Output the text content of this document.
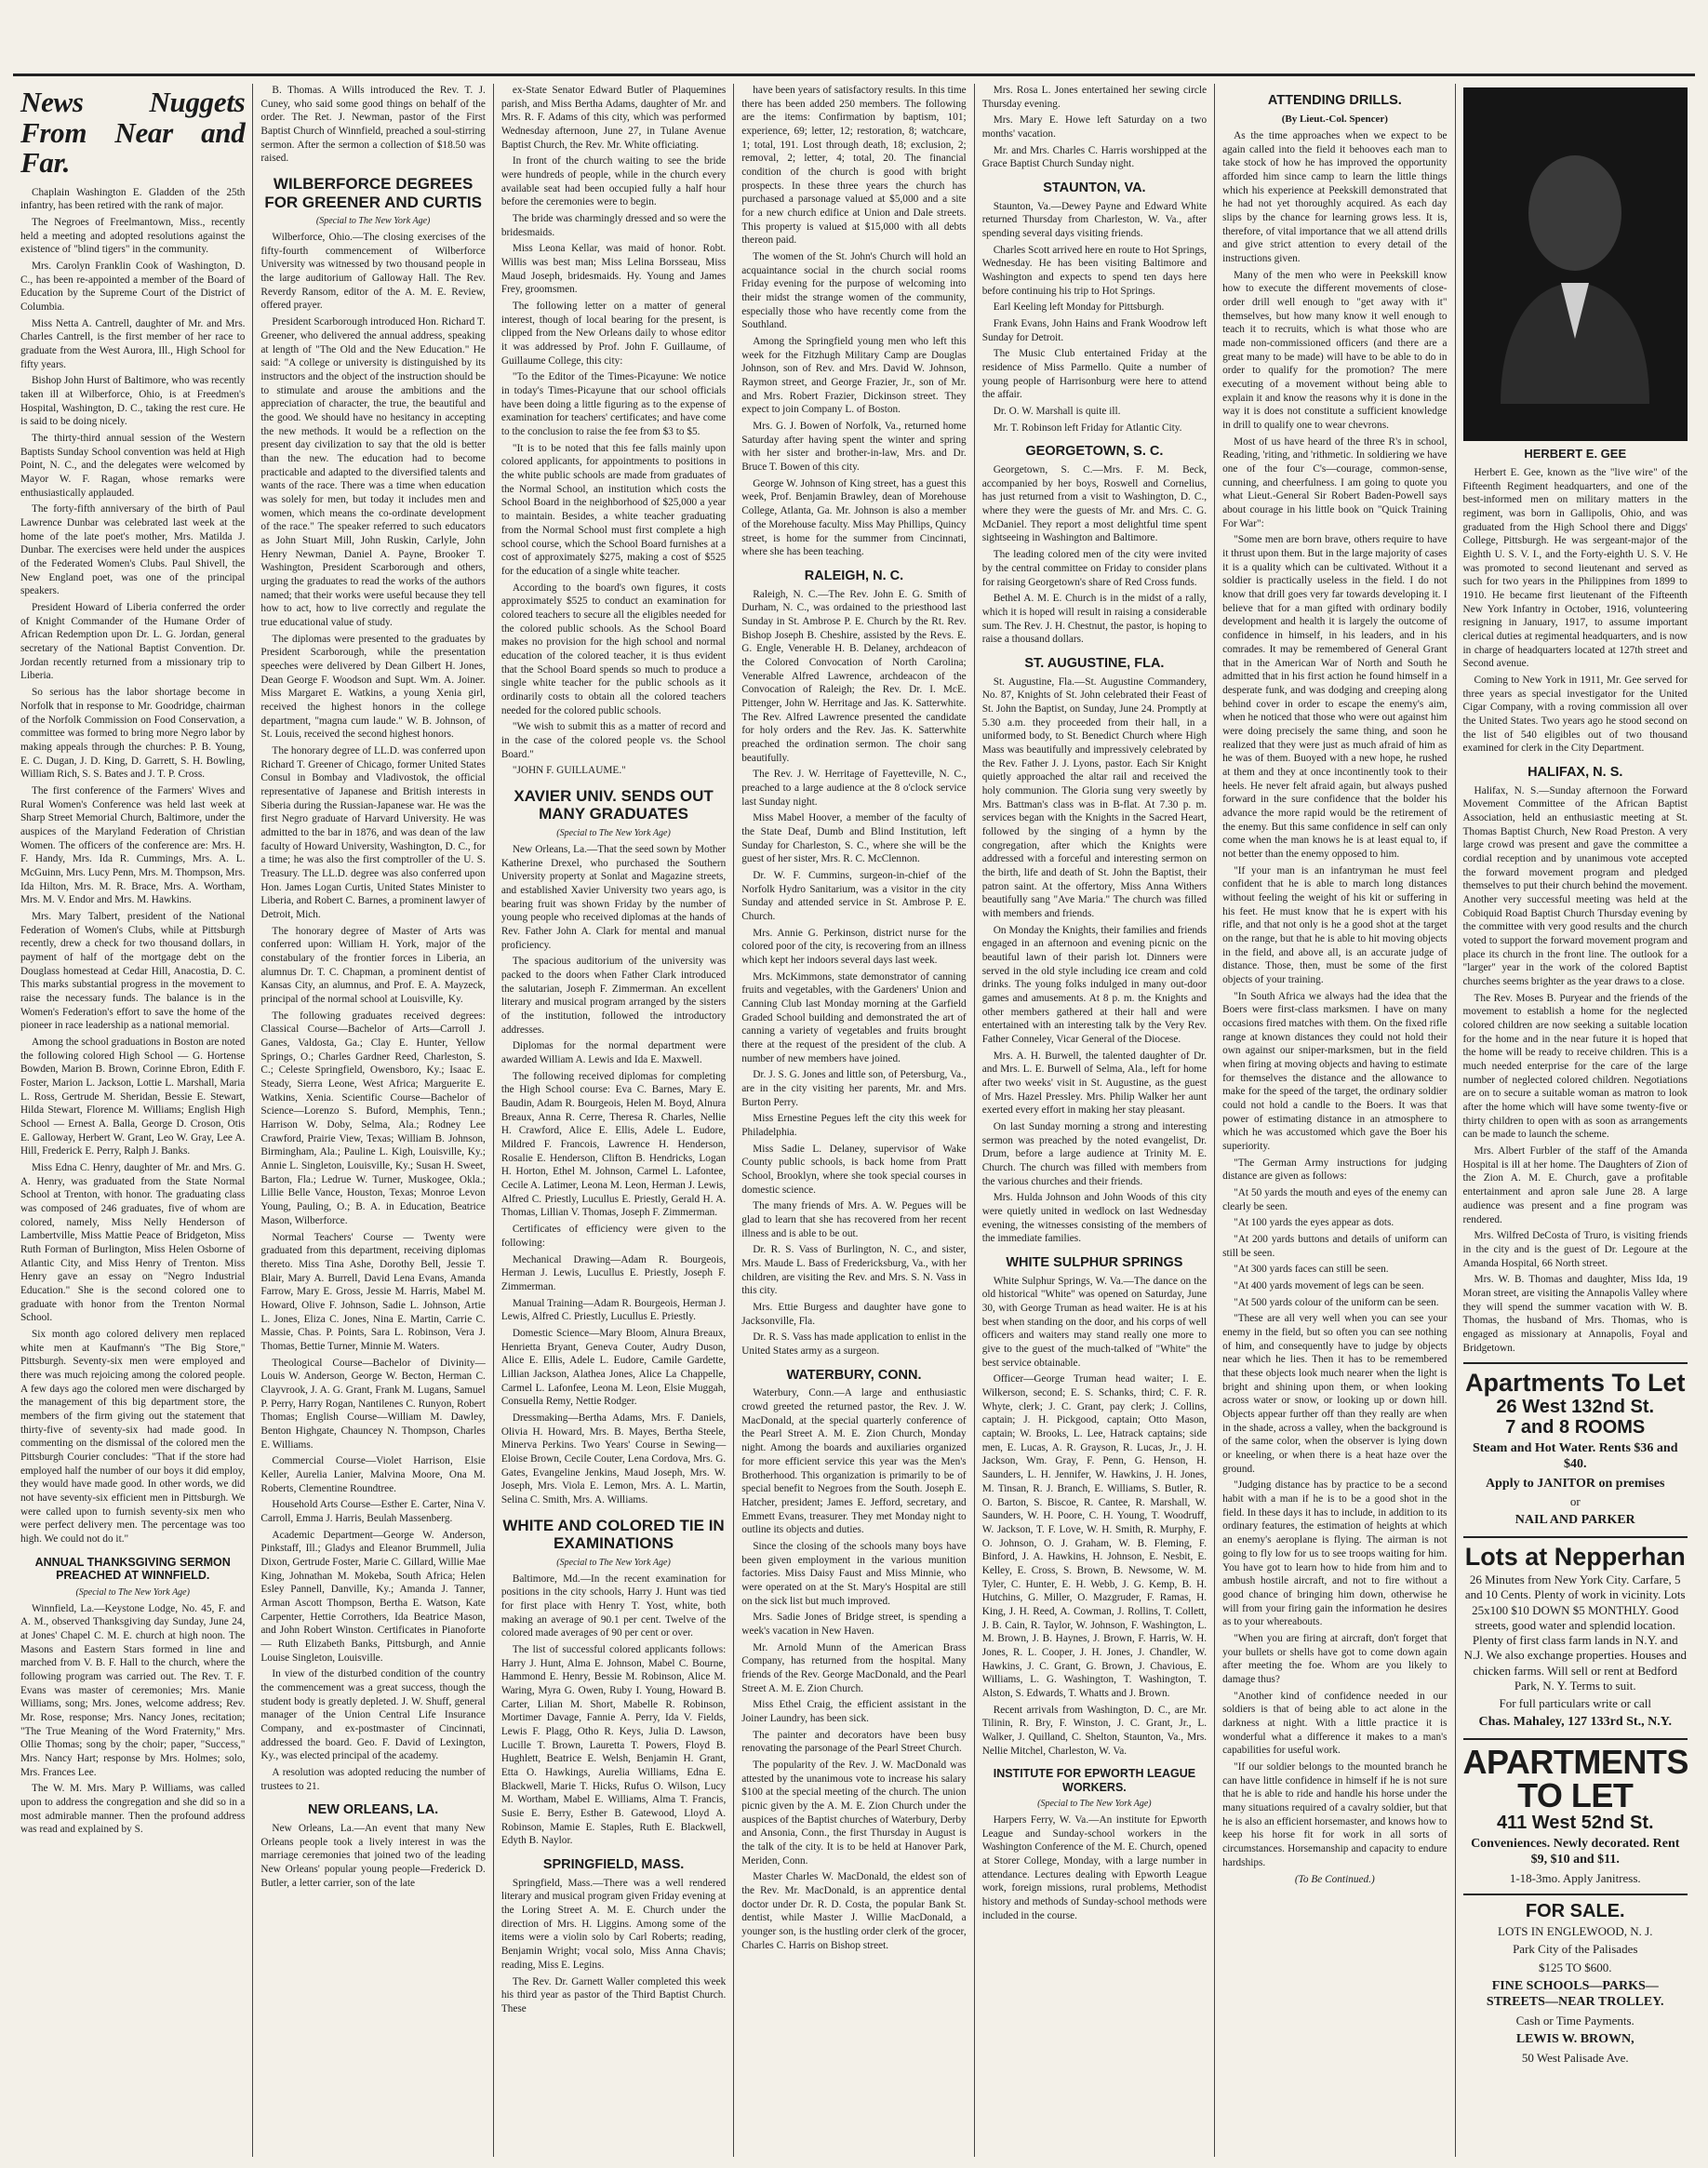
News Nuggets From Near and Far.

Chaplain Washington E. Gladden of the 25th infantry, has been retired with the rank of major.

The Negroes of Freelmantown, Miss., recently held a meeting and adopted resolutions against the existence of "blind tigers" in the community.

Mrs. Carolyn Franklin Cook of Washington, D. C., has been re-appointed a member of the Board of Education by the Supreme Court of the District of Columbia.

Miss Netta A. Cantrell, daughter of Mr. and Mrs. Charles Cantrell, is the first member of her race to graduate from the West Aurora, Ill., High School for fifty years.

Bishop John Hurst of Baltimore, who was recently taken ill at Wilberforce, Ohio, is at Freedmen's Hospital, Washington, D. C., taking the rest cure. He is said to be doing nicely.

The thirty-third annual session of the Western Baptists Sunday School convention was held at High Point, N. C., and the delegates were welcomed by Mayor W. F. Ragan, whose remarks were enthusiastically applauded.

The forty-fifth anniversary of the birth of Paul Lawrence Dunbar was celebrated last week at the home of the late poet's mother, Mrs. Matilda J. Dunbar. The exercises were held under the auspices of the Federated Women's Clubs. Paul Shivell, the New England poet, was one of the principal speakers.

President Howard of Liberia conferred the order of Knight Commander of the Humane Order of African Redemption upon Dr. L. G. Jordan, general secretary of the National Baptist Convention. Dr. Jordan recently returned from a missionary trip to Liberia.

So serious has the labor shortage become in Norfolk that in response to Mr. Goodridge, chairman of the Norfolk Commission on Food Conservation, a committee was formed to bring more Negro labor by making appeals through the churches: P. B. Young, E. C. Dugan, J. D. King, D. Garrett, S. H. Bowling, William Rich, S. S. Bates and J. T. P. Cross.

The first conference of the Farmers' Wives and Rural Women's Conference was held last week at Sharp Street Memorial Church, Baltimore, under the auspices of the Maryland Federation of Christian Women. The officers of the conference are: Mrs. H. F. Handy, Mrs. Ida R. Cummings, Mrs. A. L. McGuinn, Mrs. Lucy Penn, Mrs. M. Thompson, Mrs. Ida Hilton, Mrs. M. R. Brace, Mrs. A. Wortham, Mrs. M. V. Endor and Mrs. M. Hawkins.

Mrs. Mary Talbert, president of the National Federation of Women's Clubs, while at Pittsburgh recently, drew a check for two thousand dollars, in payment of half of the mortgage debt on the Douglass homestead at Cedar Hill, Anacostia, D. C. This marks substantial progress in the movement to raise the necessary funds. The balance is in the Women's Federation's effort to save the home of the pioneer in race leadership as a national memorial.

Among the school graduations in Boston are noted the following colored High School — G. Hortense Bowden, Marion B. Brown, Corinne Ebron, Edith F. Foster, Marion L. Jackson, Lottie L. Marshall, Maria L. Ross, Gertrude M. Sheridan, Bessie E. Stewart, Hilda Stewart, Florence M. Williams; English High School — Ernest A. Balla, George D. Croson, Otis E. Galloway, Herbert W. Grant, Leo W. Gray, Lee A. Hill, Frederick E. Perry, Ralph J. Banks.

Miss Edna C. Henry, daughter of Mr. and Mrs. G. A. Henry, was graduated from the State Normal School at Trenton, with honor. The graduating class was composed of 246 graduates, five of whom are colored, namely, Miss Nelly Henderson of Lambertville, Miss Mattie Peace of Bridgeton, Miss Ruth Forman of Burlington, Miss Helen Osborne of Atlantic City, and Miss Henry of Trenton. Miss Henry gave an essay on "Negro Industrial Education." She is the second colored one to graduate with honor from the Trenton Normal School.

Six month ago colored delivery men replaced white men at Kaufmann's "The Big Store," Pittsburgh. Seventy-six men were employed and there was much rejoicing among the colored people. A few days ago the colored men were discharged by the management of this big department store, the members of the firm giving out the statement that thirty-five of seventy-six had made good. In commenting on the dismissal of the colored men the Pittsburgh Courier concludes: "That if the store had employed half the number of our boys it did employ, they would have made good. In other words, we did not have seventy-six efficient men in Pittsburgh. We were called upon to furnish seventy-six men who were perfect delivery men. The percentage was too high. We could not do it."

ANNUAL THANKSGIVING SERMON PREACHED AT WINNFIELD.
(Special to The New York Age)

Winnfield, La.—Keystone Lodge, No. 45, F. and A. M., observed Thanksgiving day Sunday, June 24, at Jones' Chapel C. M. E. church at high noon. The Masons and Eastern Stars formed in line and marched from V. B. F. Hall to the church, where the following program was carried out. The Rev. T. F. Evans was master of ceremonies; Mrs. Manie Williams, song; Mrs. Jones, welcome address; Rev. Mr. Rose, response; Mrs. Nancy Jones, recitation; "The True Meaning of the Word Fraternity," Mrs. Ollie Thomas; song by the choir; paper, "Success," Mrs. Nancy Hart; response by Mrs. Holmes; solo, Mrs. Frances Lee.

The W. M. Mrs. Mary P. Williams, was called upon to address the congregation and she did so in a most admirable manner. Then the profound address was read and explained by S.

B. Thomas. A Wills introduced the Rev. T. J. Cuney, who said some good things on behalf of the order. The Ret. J. Newman, pastor of the First Baptist Church of Winnfield, preached a soul-stirring sermon. After the sermon a collection of $18.50 was raised.

WILBERFORCE DEGREES FOR GREENER AND CURTIS
(Special to The New York Age)

Wilberforce, Ohio.—The closing exercises of the fifty-fourth commencement of Wilberforce University was witnessed by two thousand people in the large auditorium of Galloway Hall. The Rev. Reverdy Ransom, editor of the A. M. E. Review, offered prayer.

President Scarborough introduced Hon. Richard T. Greener, who delivered the annual address, speaking at length of "The Old and the New Education." He said: "A college or university is distinguished by its instructors and the object of the instruction should be to stimulate and arouse the ambitions and the appreciation of character, the true, the beautiful and the good. We should have no hesitancy in accepting the new methods. It would be a reflection on the present day civilization to say that the old is better than the new. The education had to become practicable and adapted to the diversified talents and wants of the race. There was a time when education was solely for men, but today it includes men and women, which means the co-ordinate development of the race." The speaker referred to such educators as John Stuart Mill, John Ruskin, Carlyle, John Henry Newman, Daniel A. Payne, Brooker T. Washington, President Scarborough and others, urging the graduates to read the works of the authors named; that their works were useful because they tell how to act, how to live correctly and regulate the true educational value of study.

The diplomas were presented to the graduates by President Scarborough, while the presentation speeches were delivered by Dean Gilbert H. Jones, Dean George F. Woodson and Supt. Wm. A. Joiner. Miss Margaret E. Watkins, a young Xenia girl, received the highest honors in the college department, "magna cum laude." W. B. Johnson, of St. Louis, received the second highest honors.

The honorary degree of LL.D. was conferred upon Richard T. Greener of Chicago, former United States Consul in Bombay and Vladivostok, the official representative of Japanese and British interests in Siberia during the Russian-Japanese war. He was the first Negro graduate of Harvard University. He was admitted to the bar in 1876, and was dean of the law faculty of Howard University, Washington, D. C., for a time; he was also the first comptroller of the U. S. Treasury. The LL.D. degree was also conferred upon Hon. James Logan Curtis, United States Minister to Liberia, and Robert C. Barnes, a prominent lawyer of Detroit, Mich.

The honorary degree of Master of Arts was conferred upon: William H. York, major of the constabulary of the frontier forces in Liberia, an alumnus Dr. T. C. Chapman, a prominent dentist of Kansas City, an alumnus, and Prof. E. A. Mayzeck, principal of the normal school at Louisville, Ky.

The following graduates received degrees: Classical Course—Bachelor of Arts—Carroll J. Ganes, Valdosta, Ga.; Clay E. Hunter, Yellow Springs, O.; Charles Gardner Reed, Charleston, S. C.; Celeste Springfield, Owensboro, Ky.; Isaac E. Steady, Sierra Leone, West Africa; Marguerite E. Watkins, Xenia. Scientific Course—Bachelor of Science—Lorenzo S. Buford, Memphis, Tenn.; Harrison W. Doby, Selma, Ala.; Rodney Lee Crawford, Prairie View, Texas; William B. Johnson, Birmingham, Ala.; Pauline L. Kigh, Louisville, Ky.; Annie L. Singleton, Louisville, Ky.; Susan H. Sweet, Barton, Fla.; Ledrue W. Turner, Muskogee, Okla.; Lillie Belle Vance, Houston, Texas; Monroe Levon Young, Pauling, O.; B. A. in Education, Beatrice Mason, Wilberforce.

Normal Teachers' Course — Twenty were graduated from this department, receiving diplomas thereto. Miss Tina Ashe, Dorothy Bell, Jessie T. Blair, Mary A. Burrell, David Lena Evans, Amanda Farrow, Mary E. Gross, Jessie M. Harris, Mabel M. Howard, Olive F. Johnson, Sadie L. Johnson, Artie L. Jones, Eliza C. Jones, Nina E. Martin, Carrie C. Massie, Chas. P. Points, Sara L. Robinson, Vera J. Thomas, Bettie Turner, Minnie M. Waters.

Theological Course—Bachelor of Divinity—Louis W. Anderson, George W. Becton, Herman C. Clayvrook, J. A. G. Grant, Frank M. Lugans, Samuel P. Perry, Harry Rogan, Nantilenes C. Runyon, Robert Thomas; English Course—William M. Dawley, Benton Highgate, Chauncey N. Thompson, Charles E. Williams.

Commercial Course—Violet Harrison, Elsie Keller, Aurelia Lanier, Malvina Moore, Ona M. Roberts, Clementine Roundtree.

Household Arts Course—Esther E. Carter, Nina V. Carroll, Emma J. Harris, Beulah Massenberg.

Academic Department—George W. Anderson, Pinkstaff, Ill.; Gladys and Eleanor Brummell, Julia Dixon, Gertrude Foster, Marie C. Gillard, Willie Mae King, Johnathan M. Mokeba, South Africa; Helen Esley Pannell, Danville, Ky.; Amanda J. Tanner, Arman Ascott Thompson, Bertha E. Watson, Kate Carpenter, Hettie Corrothers, Ida Beatrice Mason, and John Robert Winston. Certificates in Pianoforte — Ruth Elizabeth Banks, Pittsburgh, and Annie Louise Singleton, Louisville.

In view of the disturbed condition of the country the commencement was a great success, though the student body is greatly depleted. J. W. Shuff, general manager of the Union Central Life Insurance Company, and ex-postmaster of Cincinnati, addressed the board. Geo. F. David of Lexington, Ky., was elected principal of the academy.

A resolution was adopted reducing the number of trustees to 21.

NEW ORLEANS, LA.

New Orleans, La.—An event that many New Orleans people took a lively interest in was the marriage ceremonies that joined two of the leading New Orleans' popular young people—Frederick D. Butler, a letter carrier, son of the late

ex-State Senator Edward Butler of Plaquemines parish, and Miss Bertha Adams, daughter of Mr. and Mrs. R. F. Adams of this city, which was performed Wednesday afternoon, June 27, in Tulane Avenue Baptist Church, the Rev. Mr. White officiating.

In front of the church waiting to see the bride were hundreds of people, while in the church every available seat had been occupied fully a half hour before the ceremonies were to begin.

The bride was charmingly dressed and so were the bridesmaids.

Miss Leona Kellar, was maid of honor. Robt. Willis was best man; Miss Lelina Borsseau, Miss Maud Joseph, bridesmaids. Hy. Young and James Frey, groomsmen.

The following letter on a matter of general interest, though of local bearing for the present, is clipped from the New Orleans daily to whose editor it was addressed by Prof. John F. Guillaume, of Guillaume College, this city:

"To the Editor of the Times-Picayune: We notice in today's Times-Picayune that our school officials have been doing a little figuring as to the expense of examination for teachers' certificates; and have come to the conclusion to raise the fee from $3 to $5.

"It is to be noted that this fee falls mainly upon colored applicants, for appointments to positions in the white public schools are made from graduates of the Normal School, an institution which costs the School Board in the neighborhood of $25,000 a year to maintain. Besides, a white teacher graduating from the Normal School must first complete a high school course, which the School Board furnishes at a cost of approximately $275, making a cost of $525 for the education of a single white teacher.

According to the board's own figures, it costs approximately $525 to conduct an examination for colored teachers to secure all the eligibles needed for the colored public schools. As the School Board makes no provision for the high school and normal education of the colored teacher, it is thus evident that the School Board spends so much to produce a single white teacher for the public schools as it ordinarily costs to obtain all the colored teachers needed for the colored public schools.

"We wish to submit this as a matter of record and in the case of the colored people vs. the School Board."

"JOHN F. GUILLAUME."

XAVIER UNIV. SENDS OUT MANY GRADUATES
(Special to The New York Age)

New Orleans, La.—That the seed sown by Mother Katherine Drexel, who purchased the Southern University property at Sonlat and Magazine streets, and established Xavier University two years ago, is bearing fruit was shown Friday by the number of young people who received diplomas at the hands of Rev. Father John A. Clark for mental and manual proficiency.

The spacious auditorium of the university was packed to the doors when Father Clark introduced the salutarian, Joseph F. Zimmerman. An excellent literary and musical program arranged by the sisters of the institution, followed the introductory addresses.

Diplomas for the normal department were awarded William A. Lewis and Ida E. Maxwell.

The following received diplomas for completing the High School course: Eva C. Barnes, Mary E. Baudin, Adam R. Bourgeois, Helen M. Boyd, Alnura Breaux, Anna R. Cerre, Theresa R. Charles, Nellie H. Crawford, Alice E. Ellis, Adele L. Eudore, Mildred F. Francois, Lawrence H. Henderson, Rosalie E. Henderson, Clifton B. Hendricks, Logan H. Horton, Ethel M. Johnson, Carmel L. Lafontee, Cecile A. Latimer, Leona M. Leon, Herman J. Lewis, Alfred C. Priestly, Lucullus E. Priestly, Gerald H. A. Thomas, Lillian V. Thomas, Joseph F. Zimmerman.

Certificates of efficiency were given to the following:

Mechanical Drawing—Adam R. Bourgeois, Herman J. Lewis, Lucullus E. Priestly, Joseph F. Zimmerman.

Manual Training—Adam R. Bourgeois, Herman J. Lewis, Alfred C. Priestly, Lucullus E. Priestly.

Domestic Science—Mary Bloom, Alnura Breaux, Henrietta Bryant, Geneva Couter, Audry Duson, Alice E. Ellis, Adele L. Eudore, Camile Gardette, Lillian Jackson, Alathea Jones, Alice La Chappelle, Carmel L. Lafonfee, Leona M. Leon, Elsie Muggah, Consuella Remy, Nettie Rodger.

Dressmaking—Bertha Adams, Mrs. F. Daniels, Olivia H. Howard, Mrs. B. Mayes, Bertha Steele, Minerva Perkins. Two Years' Course in Sewing—Eloise Brown, Cecile Couter, Lena Cordova, Mrs. G. Gates, Evangeline Jenkins, Maud Joseph, Mrs. W. Joseph, Mrs. Viola E. Lemon, Mrs. A. L. Martin, Selina C. Smith, Mrs. A. Williams.

WHITE AND COLORED TIE IN EXAMINATIONS
(Special to The New York Age)

Baltimore, Md.—In the recent examination for positions in the city schools, Harry J. Hunt was tied for first place with Henry T. Yost, white, both making an average of 90.1 per cent. Twelve of the colored made averages of 90 per cent or over.

The list of successful colored applicants follows: Harry J. Hunt, Alma E. Johnson, Mabel C. Bourne, Hammond E. Henry, Bessie M. Robinson, Alice M. Waring, Myra G. Owen, Ruby I. Young, Howard B. Carter, Lilian M. Short, Mabelle R. Robinson, Mortimer Davage, Fannie A. Perry, Ida V. Fields, Lewis F. Plagg, Otho R. Keys, Julia D. Lawson, Lucille T. Brown, Lauretta T. Powers, Floyd B. Hughlett, Beatrice E. Welsh, Benjamin H. Grant, Etta O. Hawkings, Aurelia Williams, Edna E. Blackwell, Marie T. Hicks, Rufus O. Wilson, Lucy M. Wortham, Mabel E. Williams, Alma T. Francis, Susie E. Berry, Esther B. Gatewood, Lloyd A. Robinson, Mamie E. Staples, Ruth E. Blackwell, Edyth B. Naylor.

SPRINGFIELD, MASS.

Springfield, Mass.—There was a well rendered literary and musical program given Friday evening at the Loring Street A. M. E. Church under the direction of Mrs. H. Liggins. Among some of the items were a violin solo by Carl Roberts; reading, Benjamin Wright; vocal solo, Miss Anna Chavis; reading, Miss E. Legins.

The Rev. Dr. Garnett Waller completed this week his third year as pastor of the Third Baptist Church. These

have been years of satisfactory results. In this time there has been added 250 members. The following are the items: Confirmation by baptism, 101; experience, 69; letter, 12; restoration, 8; watchcare, 1; total, 191. Lost through death, 18; exclusion, 2; removal, 2; letter, 4; total, 20. The financial condition of the church is good with bright prospects. In these three years the church has purchased a parsonage valued at $5,000 and a site for a new church edifice at Union and Dale streets. This property is valued at $15,000 with all debts thereon paid.

The women of the St. John's Church will hold an acquaintance social in the church social rooms Friday evening for the purpose of welcoming into their midst the strange women of the community, especially those who have recently come from the Southland.

Among the Springfield young men who left this week for the Fitzhugh Military Camp are Douglas Johnson, son of Rev. and Mrs. David W. Johnson, Raymon street, and George Frazier, Jr., son of Mr. and Mrs. Robert Frazier, Dickinson street. They expect to join Company L. of Boston.

Mrs. G. J. Bowen of Norfolk, Va., returned home Saturday after having spent the winter and spring with her sister and brother-in-law, Mrs. and Dr. Bruce T. Bowen of this city.

George W. Johnson of King street, has a guest this week, Prof. Benjamin Brawley, dean of Morehouse College, Atlanta, Ga. Mr. Johnson is also a member of the Morehouse faculty. Miss May Phillips, Quincy street, is home for the summer from Cincinnati, where she has been teaching.

RALEIGH, N. C.

Raleigh, N. C.—The Rev. John E. G. Smith of Durham, N. C., was ordained to the priesthood last Sunday in St. Ambrose P. E. Church by the Rt. Rev. Bishop Joseph B. Cheshire, assisted by the Revs. E. G. Engle, Venerable H. B. Delaney, archdeacon of the Colored Convocation of North Carolina; Venerable Alfred Lawrence, archdeacon of the Convocation of Raleigh; the Rev. Dr. I. McE. Pittenger, John W. Herritage and Jas. K. Satterwhite. The Rev. Alfred Lawrence presented the candidate for holy orders and the Rev. Jas. K. Satterwhite preached the ordination sermon. The choir sang beautifully.

The Rev. J. W. Herritage of Fayetteville, N. C., preached to a large audience at the 8 o'clock service last Sunday night.

Miss Mabel Hoover, a member of the faculty of the State Deaf, Dumb and Blind Institution, left Sunday for Charleston, S. C., where she will be the guest of her sister, Mrs. R. C. McClennon.

Dr. W. F. Cummins, surgeon-in-chief of the Norfolk Hydro Sanitarium, was a visitor in the city Sunday and attended service in St. Ambrose P. E. Church.

Mrs. Annie G. Perkinson, district nurse for the colored poor of the city, is recovering from an illness which kept her indoors several days last week.

Mrs. McKimmons, state demonstrator of canning fruits and vegetables, with the Gardeners' Union and Canning Club last Monday morning at the Garfield Graded School building and demonstrated the art of canning a variety of vegetables and fruits brought there at the request of the president of the club. A number of new members have joined.

Dr. J. S. G. Jones and little son, of Petersburg, Va., are in the city visiting her parents, Mr. and Mrs. Burton Perry.

Miss Ernestine Pegues left the city this week for Philadelphia.

Miss Sadie L. Delaney, supervisor of Wake County public schools, is back home from Pratt School, Brooklyn, where she took special courses in domestic science.

The many friends of Mrs. A. W. Pegues will be glad to learn that she has recovered from her recent illness and is able to be out.

Dr. R. S. Vass of Burlington, N. C., and sister, Mrs. Maude L. Bass of Fredericksburg, Va., with her children, are visiting the Rev. and Mrs. S. N. Vass in this city.

Mrs. Ettie Burgess and daughter have gone to Jacksonville, Fla.

Dr. R. S. Vass has made application to enlist in the United States army as a surgeon.

WATERBURY, CONN.

Waterbury, Conn.—A large and enthusiastic crowd greeted the returned pastor, the Rev. J. W. MacDonald, at the special quarterly conference of the Pearl Street A. M. E. Zion Church, Monday night. Among the boards and auxiliaries organized for more efficient service this year was the Men's Brotherhood. This organization is primarily to be of special benefit to Negroes from the South. Joseph E. Hatcher, president; James E. Jefford, secretary, and Emmett Evans, treasurer. They met Monday night to outline its objects and duties.

Since the closing of the schools many boys have been given employment in the various munition factories. Miss Daisy Faust and Miss Minnie, who were operated on at the St. Mary's Hospital are still on the sick list but much improved.

Mrs. Sadie Jones of Bridge street, is spending a week's vacation in New Haven.

Mr. Arnold Munn of the American Brass Company, has returned from the hospital. Many friends of the Rev. George MacDonald, and the Pearl Street A. M. E. Zion Church.

Miss Ethel Craig, the efficient assistant in the Joiner Laundry, has been sick.

The painter and decorators have been busy renovating the parsonage of the Pearl Street Church.

The popularity of the Rev. J. W. MacDonald was attested by the unanimous vote to increase his salary $100 at the special meeting of the church. The union picnic given by the A. M. E. Zion Church under the auspices of the Baptist churches of Waterbury, Derby and Ansonia, Conn., the first Thursday in August is the talk of the city. It is to be held at Hanover Park, Meriden, Conn.

Master Charles W. MacDonald, the eldest son of the Rev. Mr. MacDonald, is an apprentice dental doctor under Dr. R. D. Costa, the popular Bank St. dentist, while Master J. Willie MacDonald, a younger son, is the hustling order clerk of the grocer, Charles C. Harris on Bishop street.

Mrs. Rosa L. Jones entertained her sewing circle Thursday evening.

Mrs. Mary E. Howe left Saturday on a two months' vacation.

Mr. and Mrs. Charles C. Harris worshipped at the Grace Baptist Church Sunday night.

STAUNTON, VA.

Staunton, Va.—Dewey Payne and Edward White returned Thursday from Charleston, W. Va., after spending several days visiting friends.

Charles Scott arrived here en route to Hot Springs, Wednesday. He has been visiting Baltimore and Washington and expects to spend ten days here before continuing his trip to Hot Springs.

Earl Keeling left Monday for Pittsburgh.

Frank Evans, John Hains and Frank Woodrow left Sunday for Detroit.

The Music Club entertained Friday at the residence of Miss Parmello. Quite a number of young people of Harrisonburg were here to attend the affair.

Dr. O. W. Marshall is quite ill.

Mr. T. Robinson left Friday for Atlantic City.

GEORGETOWN, S. C.

Georgetown, S. C.—Mrs. F. M. Beck, accompanied by her boys, Roswell and Cornelius, has just returned from a visit to Washington, D. C., where they were the guests of Mr. and Mrs. C. G. McDaniel. They report a most delightful time spent sightseeing in Washington and Baltimore.

The leading colored men of the city were invited by the central committee on Friday to consider plans for raising Georgetown's share of Red Cross funds.

Bethel A. M. E. Church is in the midst of a rally, which it is hoped will result in raising a considerable sum. The Rev. J. H. Chestnut, the pastor, is hoping to raise a thousand dollars.

ST. AUGUSTINE, FLA.

St. Augustine, Fla.—St. Augustine Commandery, No. 87, Knights of St. John celebrated their Feast of St. John the Baptist, on Sunday, June 24. Promptly at 5.30 a.m. they proceeded from their hall, in a uniformed body, to St. Benedict Church where High Mass was beautifully and impressively celebrated by the Rev. Father J. J. Lyons, pastor. Each Sir Knight quietly approached the altar rail and received the holy communion. The Gloria sung very sweetly by Mrs. Battman's class was in B-flat. At 7.30 p. m. services began with the Knights in the Sacred Heart, followed by the singing of a hymn by the congregation, after which the Knights were addressed with a forceful and interesting sermon on the birth, life and death of St. John the Baptist, their patron saint. At the offertory, Miss Anna Withers beautifully sang "Ave Maria." The church was filled with members and friends.

On Monday the Knights, their families and friends engaged in an afternoon and evening picnic on the beautiful lawn of their parish lot. Dinners were served in the old style including ice cream and cold drinks. The young folks indulged in many out-door games and amusements. At 8 p. m. the Knights and other members gathered at their hall and were entertained with an interesting talk by the Very Rev. Father Conneley, Vicar General of the Diocese.

Mrs. A. H. Burwell, the talented daughter of Dr. and Mrs. L. E. Burwell of Selma, Ala., left for home after two weeks' visit in St. Augustine, as the guest of Mrs. Hazel Pressley. Mrs. Philip Walker her aunt exerted every effort in making her stay pleasant.

On last Sunday morning a strong and interesting sermon was preached by the noted evangelist, Dr. Drum, before a large audience at Trinity M. E. Church. The church was filled with members from the various churches and their friends.

Mrs. Hulda Johnson and John Woods of this city were quietly united in wedlock on last Wednesday evening, the witnesses consisting of the members of the immediate families.

WHITE SULPHUR SPRINGS

White Sulphur Springs, W. Va.—The dance on the old historical "White" was opened on Saturday, June 30, with George Truman as head waiter. He is at his best when standing on the door, and his corps of well officers and waiters may stand really one more to give to the guest of the much-talked of "White" the best service obtainable.

Officer—George Truman head waiter; I. E. Wilkerson, second; E. S. Schanks, third; C. F. R. Whyte, clerk; J. C. Grant, pay clerk; J. Collins, captain; J. H. Pickgood, captain; Otto Mason, captain; W. Brooks, L. Lee, Hatrack captains; side men, E. Lucas, A. R. Grayson, R. Lucas, Jr., J. H. Jackson, Wm. Gray, F. Penn, G. Henson, H. Saunders, L. H. Jennifer, W. Hawkins, J. H. Jones, M. Tinsan, R. J. Branch, E. Williams, S. Butler, R. O. Barton, S. Biscoe, R. Cantee, R. Marshall, W. Saunders, W. H. Poore, C. H. Young, T. Woodruff, W. Jackson, T. F. Love, W. H. Smith, R. Murphy, F. O. Johnson, O. J. Graham, W. B. Fleming, F. Binford, J. A. Hawkins, H. Johnson, E. Nesbit, E. Kelley, E. Cross, S. Brown, B. Newsome, W. M. Tyler, C. Hunter, E. H. Webb, J. G. Kemp, B. H. Hutchins, G. Miller, O. Mazgruder, F. Ramas, H. King, J. H. Reed, A. Cowman, J. Rollins, T. Collett, J. B. Cain, R. Taylor, W. Johnson, F. Washington, L. M. Brown, J. B. Haynes, J. Brown, F. Harris, W. H. Jones, R. L. Cooper, J. H. Jones, J. Chandler, W. Hawkins, J. C. Grant, G. Brown, J. Chavious, E. Williams, L. G. Washington, T. Washington, T. Alston, S. Edwards, T. Whatts and J. Brown.

Recent arrivals from Washington, D. C., are Mr. Tilinin, R. Bry, F. Winston, J. C. Grant, Jr., L. Walker, J. Quilland, C. Shelton, Staunton, Va., Mrs. Nellie Mitchel, Charleston, W. Va.

INSTITUTE FOR EPWORTH LEAGUE WORKERS.
(Special to The New York Age)

Harpers Ferry, W. Va.—An institute for Epworth League and Sunday-school workers in the Washington Conference of the M. E. Church, opened at Storer College, Monday, with a large number in attendance. Lectures dealing with Epworth League work, foreign missions, rural problems, Methodist history and methods of Sunday-school methods were included in the course.

ATTENDING DRILLS.
(By Lieut.-Col. Spencer)

As the time approaches when we expect to be again called into the field it behooves each man to take stock of how he has improved the opportunity afforded him since camp to learn the little things which his experience at Peekskill demonstrated that he had not yet thoroughly acquired. As each day slips by the chance for learning grows less. It is, therefore, of vital importance that we all attend drills and give strict attention to every detail of the instructions given.

Many of the men who were in Peekskill know how to execute the different movements of close-order drill well enough to "get away with it" themselves, but how many know it well enough to teach it to recruits, which is what those who are made non-commissioned officers (and there are a great many to be made) will have to be able to do in order to qualify for the promotion? The mere executing of a movement without being able to explain it and know the reasons why it is done in the way it is does not constitute a sufficient knowledge in drill to qualify one to wear chevrons.

Most of us have heard of the three R's in school, Reading, 'riting, and 'rithmetic. In soldiering we have one of the four C's—courage, common-sense, cunning, and cheerfulness. I am going to quote you what Lieut.-General Sir Robert Baden-Powell says about courage in his little book on "Quick Training For War":

"Some men are born brave, others require to have it thrust upon them. But in the large majority of cases it is a quality which can be cultivated. Without it a soldier is practically useless in the field. I do not know that drill goes very far towards developing it. I believe that for a man gifted with ordinary bodily development and health it is largely the outcome of confidence in himself, in his leaders, and in his comrades. It may be remembered of General Grant that in the American War of North and South he admitted that in his first action he found himself in a desperate funk, and was dodging and creeping along behind cover in order to escape the enemy's aim, when he noticed that those who were out against him were doing precisely the same thing, and soon he realized that they were just as much afraid of him as he was of them. Buoyed with a new hope, he rushed at them and they at once incontinently took to their heels. He never felt afraid again, but always pushed forward in the sure confidence that the bolder his advance the more rapid would be the retirement of the enemy. But this same confidence in self can only come when the man knows he is at least equal to, if not better than the enemy opposed to him.

"If your man is an infantryman he must feel confident that he is able to march long distances without feeling the weight of his kit or suffering in his feet. He must know that he is expert with his rifle, and that not only is he a good shot at the target on the range, but that he is able to hit moving objects in the field, and above all, is an accurate judge of distance. Those, then, must be some of the first objects of your training.

"In South Africa we always had the idea that the Boers were first-class marksmen. I have on many occasions fired matches with them. On the fixed rifle range at known distances they could not hold their own against our sniper-marksmen, but in the field when firing at moving objects and having to estimate for themselves the distance and the allowance to make for the speed of the target, the ordinary soldier could not hold a candle to the Boers. It was that power of estimating distance in an atmosphere to which he was accustomed which gave the Boer his superiority.

"The German Army instructions for judging distance are given as follows:

"At 50 yards the mouth and eyes of the enemy can clearly be seen.

"At 100 yards the eyes appear as dots.

"At 200 yards buttons and details of uniform can still be seen.

"At 300 yards faces can still be seen.

"At 400 yards movement of legs can be seen.

"At 500 yards colour of the uniform can be seen.

"These are all very well when you can see your enemy in the field, but so often you can see nothing of him, and consequently have to judge by objects near which he lies. Then it has to be remembered that these objects look much nearer when the light is bright and shining upon them, or when looking across water or snow, or looking up or down hill. Objects appear further off than they really are when in the shade, across a valley, when the background is of the same color, when the observer is lying down or kneeling, or when there is a heat haze over the ground.

"Judging distance has by practice to be a second habit with a man if he is to be a good shot in the field. In these days it has to include, in addition to its ordinary features, the estimation of heights at which an enemy's aeroplane is flying. The airman is not going to fly low for us to see troops waiting for him. You have got to learn how to hide from him and to ambush hostile aircraft, and not to fire without a good chance of bringing him down, otherwise he will from your firing gain the information he desires as to your whereabouts.

"When you are firing at aircraft, don't forget that your bullets or shells have got to come down again after meeting the foe. Whom are you likely to damage thus?

"Another kind of confidence needed in our soldiers is that of being able to act alone in the darkness at night. With a little practice it is wonderful what a difference it makes to a man's capabilities for useful work.

"If our soldier belongs to the mounted branch he can have little confidence in himself if he is not sure that he is able to ride and handle his horse under the many situations required of a cavalry soldier, but that he is also an efficient horsemaster, and knows how to keep his horse fit for work in all sorts of circumstances. Horsemanship and capacity to endure hardships.

(To Be Continued.)
HERBERT E. GEE

Herbert E. Gee, known as the "live wire" of the Fifteenth Regiment headquarters, and one of the best-informed men on military matters in the regiment, was born in Gallipolis, Ohio, and was graduated from the High School there and Diggs' College, Pittsburgh. He was sergeant-major of the Eighth U. S. V. I., and the Forty-eighth U. S. V. He was promoted to second lieutenant and served as such for two years in the Philippines from 1899 to 1910. He became first lieutenant of the Fifteenth New York Infantry in October, 1916, volunteering resigning in January, 1917, to assume important clerical duties at regimental headquarters, and is now in charge of headquarters located at 127th street and Second avenue.

Coming to New York in 1911, Mr. Gee served for three years as special investigator for the United Cigar Company, with a roving commission all over the United States. Two years ago he stood second on the list of 540 eligibles out of two thousand examined for clerk in the City Department.

HALIFAX, N. S.

Halifax, N. S.—Sunday afternoon the Forward Movement Committee of the African Baptist Association, held an enthusiastic meeting at St. Thomas Baptist Church, New Road Preston. A very large crowd was present and gave the committee a cordial reception and by unanimous vote accepted the forward movement program and pledged themselves to put their church behind the movement. Another very successful meeting was held at the Cobiquid Road Baptist Church Thursday evening by the committee with very good results and the church voted to support the forward movement program and place its church in the front line. The outlook for a "larger" year in the work of the colored Baptist churches seems brighter as the year draws to a close.

The Rev. Moses B. Puryear and the friends of the movement to establish a home for the neglected colored children are now seeking a suitable location for the home and in the near future it is hoped that the home will be ready to receive children. This is a much needed enterprise for the care of the large number of neglected colored children. Negotiations are on to secure a suitable woman as matron to look after the home which will have some twenty-five or thirty children to open with as soon as arrangements can be made to launch the scheme.

Mrs. Albert Furbler of the staff of the Amanda Hospital is ill at her home. The Daughters of Zion of the Zion A. M. E. Church, gave a profitable entertainment and apron sale June 28. A large audience was present and a fine program was rendered.

Mrs. Wilfred DeCosta of Truro, is visiting friends in the city and is the guest of Dr. Legoure at the Amanda Hospital, 66 North street.

Mrs. W. B. Thomas and daughter, Miss Ida, 19 Moran street, are visiting the Annapolis Valley where they will spend the summer vacation with W. B. Thomas, the husband of Mrs. Thomas, who is engaged as missionary at Annapolis, Foyal and Bridgetown.

Apartments To Let
26 West 132nd St.
7 and 8 ROOMS
Steam and Hot Water. Rents $36 and $40.
Apply to JANITOR on premises
or
NAIL AND PARKER
Lots at Nepperhan
26 Minutes from New York City. Carfare, 5 and 10 Cents. Plenty of work in vicinity. Lots 25x100 $10 DOWN $5 MONTHLY. Good streets, good water and splendid location. Plenty of first class farm lands in N.Y. and N.J. We also exchange properties. Houses and chicken farms. Will sell or rent at Bedford Park, N. Y. Terms to suit.
For full particulars write or call
Chas. Mahaley, 127 133rd St., N.Y.
APARTMENTS TO LET
411 West 52nd St.
Conveniences. Newly decorated. Rent $9, $10 and $11.
1-18-3mo. Apply Janitress.
FOR SALE.
LOTS IN ENGLEWOOD, N. J.
Park City of the Palisades
$125 TO $600.
FINE SCHOOLS—PARKS—STREETS—NEAR TROLLEY.
Cash or Time Payments.
LEWIS W. BROWN,
50 West Palisade Ave.
